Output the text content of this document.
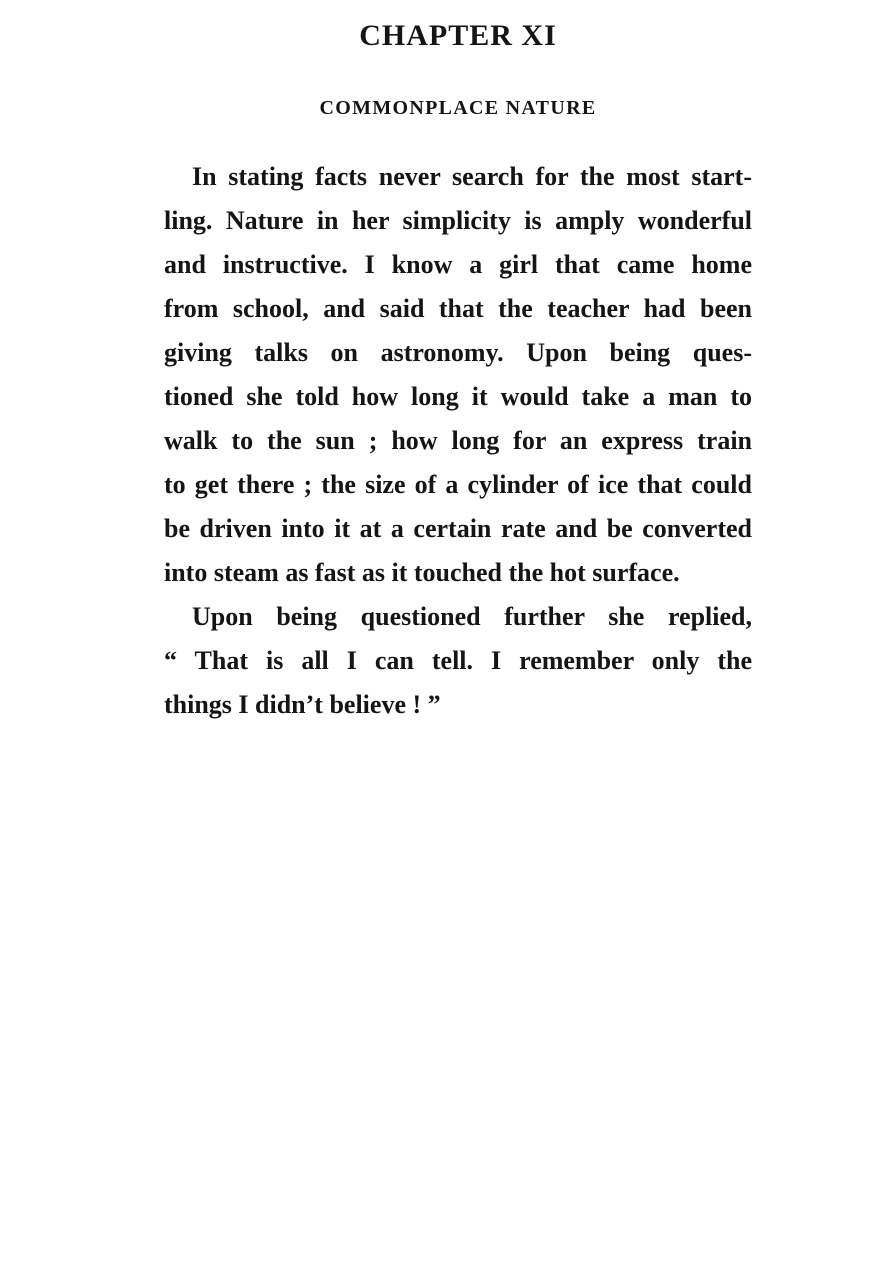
CHAPTER XI
COMMONPLACE NATURE
In stating facts never search for the most start-
ling. Nature in her simplicity is amply wonderful
and instructive. I know a girl that came home
from school, and said that the teacher had been
giving talks on astronomy. Upon being ques-
tioned she told how long it would take a man to
walk to the sun ; how long for an express train
to get there ; the size of a cylinder of ice that could
be driven into it at a certain rate and be converted
into steam as fast as it touched the hot surface.
Upon being questioned further she replied,
“ That is all I can tell. I remember only the
things I didn’t believe ! ”
